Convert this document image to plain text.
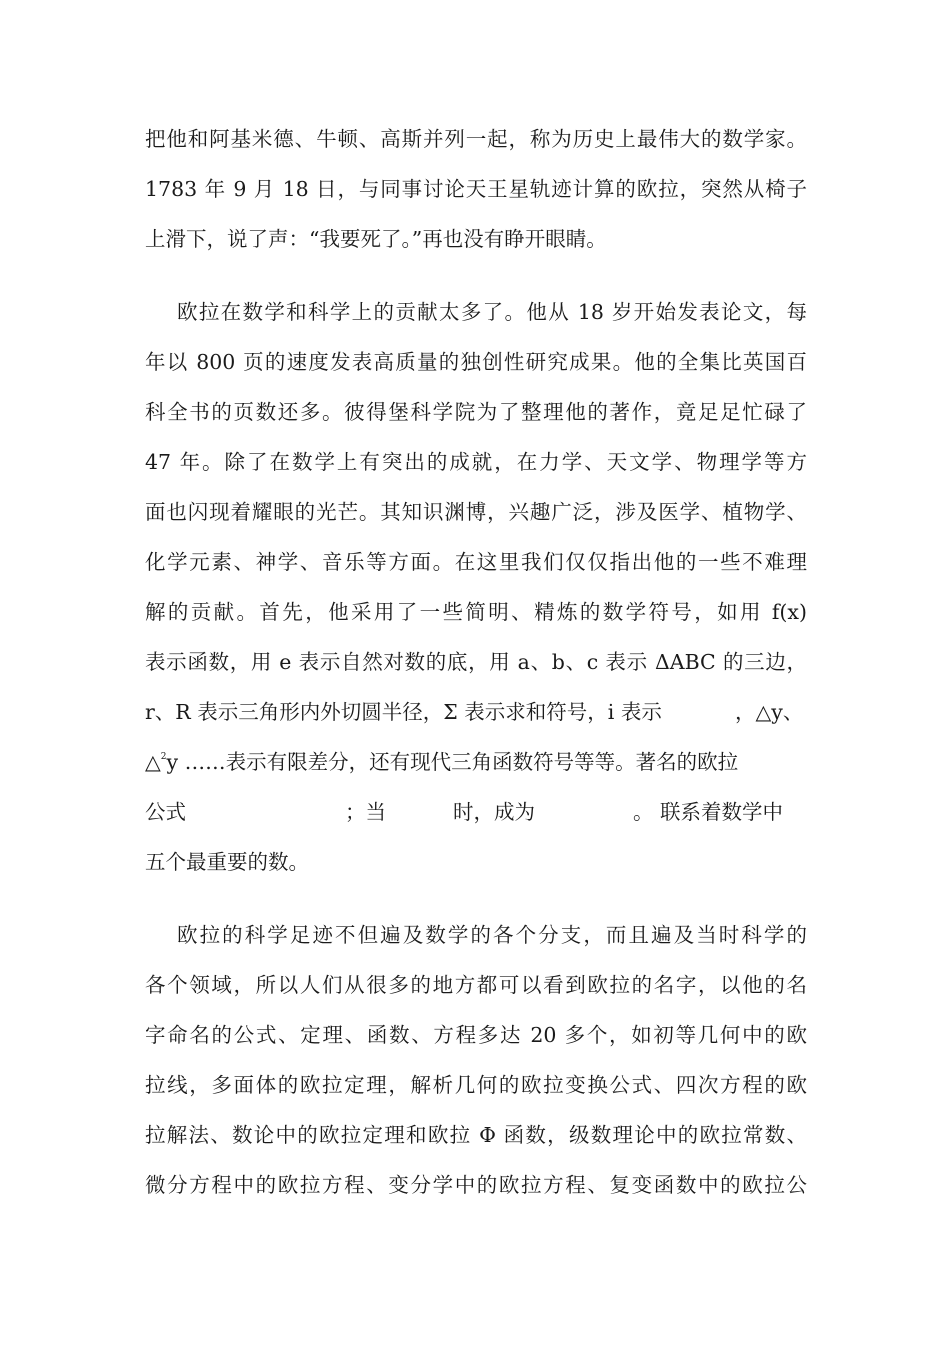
把他和阿基米德、牛顿、高斯并列一起，称为历史上最伟大的数学家。
1783 年 9 月 18 日，与同事讨论天王星轨迹计算的欧拉，突然从椅子
上滑下，说了声：“我要死了。”再也没有睁开眼睛。
欧拉在数学和科学上的贡献太多了。他从 18 岁开始发表论文，每
年以 800 页的速度发表高质量的独创性研究成果。他的全集比英国百
科全书的页数还多。彼得堡科学院为了整理他的著作，竟足足忙碌了
47 年。除了在数学上有突出的成就，在力学、天文学、物理学等方
面也闪现着耀眼的光芒。其知识渊博，兴趣广泛，涉及医学、植物学、
化学元素、神学、音乐等方面。在这里我们仅仅指出他的一些不难理
解的贡献。首先，他采用了一些简明、精炼的数学符号，如用 f(x)
表示函数，用 e 表示自然对数的底，用 a、b、c 表示 ΔABC 的三边，

r、R 表示三角形内外切圆半径，Σ 表示求和符号，i 表示

	，△y、

△$^2$y ……表示有限差分，还有现代三角函数符号等等。著名的欧拉

公式

	；当

	时，成为

	。 联系着数学中

五个最重要的数。
欧拉的科学足迹不但遍及数学的各个分支，而且遍及当时科学的
各个领域，所以人们从很多的地方都可以看到欧拉的名字，以他的名
字命名的公式、定理、函数、方程多达 20 多个，如初等几何中的欧
拉线，多面体的欧拉定理，解析几何的欧拉变换公式、四次方程的欧
拉解法、数论中的欧拉定理和欧拉 Φ 函数，级数理论中的欧拉常数、
微分方程中的欧拉方程、变分学中的欧拉方程、复变函数中的欧拉公
